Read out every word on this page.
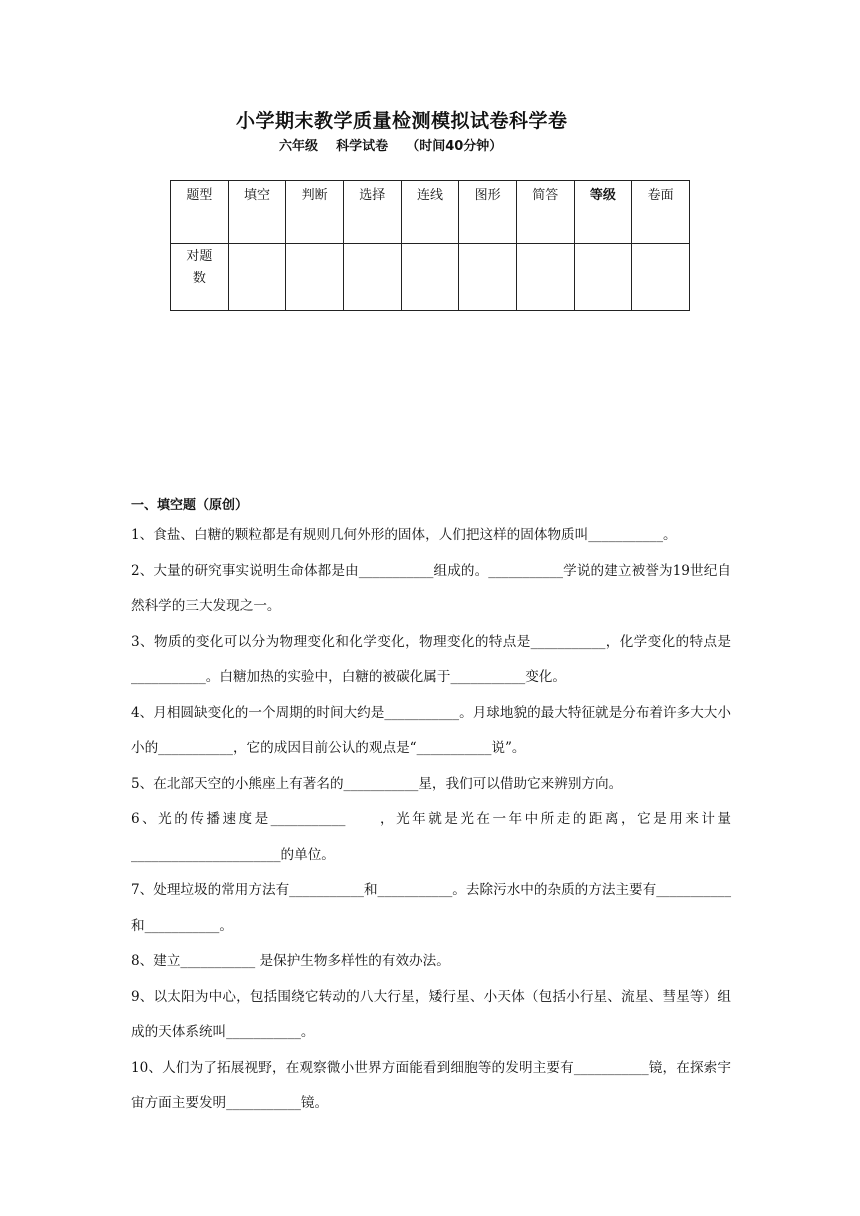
小学期末教学质量检测模拟试卷科学卷
六年级    科学试卷    （时间40分钟）
题型	填空	判断	选择	连线	图形	简答	等级	卷面
对题数								
一、填空题（原创）

1、食盐、白糖的颗粒都是有规则几何外形的固体，人们把这样的固体物质叫___________。

2、大量的研究事实说明生命体都是由___________组成的。___________学说的建立被誉为19世纪自然科学的三大发现之一。

3、物质的变化可以分为物理变化和化学变化，物理变化的特点是___________，化学变化的特点是___________。白糖加热的实验中，白糖的被碳化属于___________变化。

4、月相圆缺变化的一个周期的时间大约是___________。月球地貌的最大特征就是分布着许多大大小小的___________，它的成因目前公认的观点是“___________说”。

5、在北部天空的小熊座上有著名的___________星，我们可以借助它来辨别方向。

6、光的传播速度是___________　　，光年就是光在一年中所走的距离，它是用来计量______________________的单位。

7、处理垃圾的常用方法有___________和___________。去除污水中的杂质的方法主要有___________和___________。

8、建立___________ 是保护生物多样性的有效办法。

9、以太阳为中心，包括围绕它转动的八大行星，矮行星、小天体（包括小行星、流星、彗星等）组成的天体系统叫___________。

10、人们为了拓展视野，在观察微小世界方面能看到细胞等的发明主要有___________镜，在探索宇宙方面主要发明___________镜。
